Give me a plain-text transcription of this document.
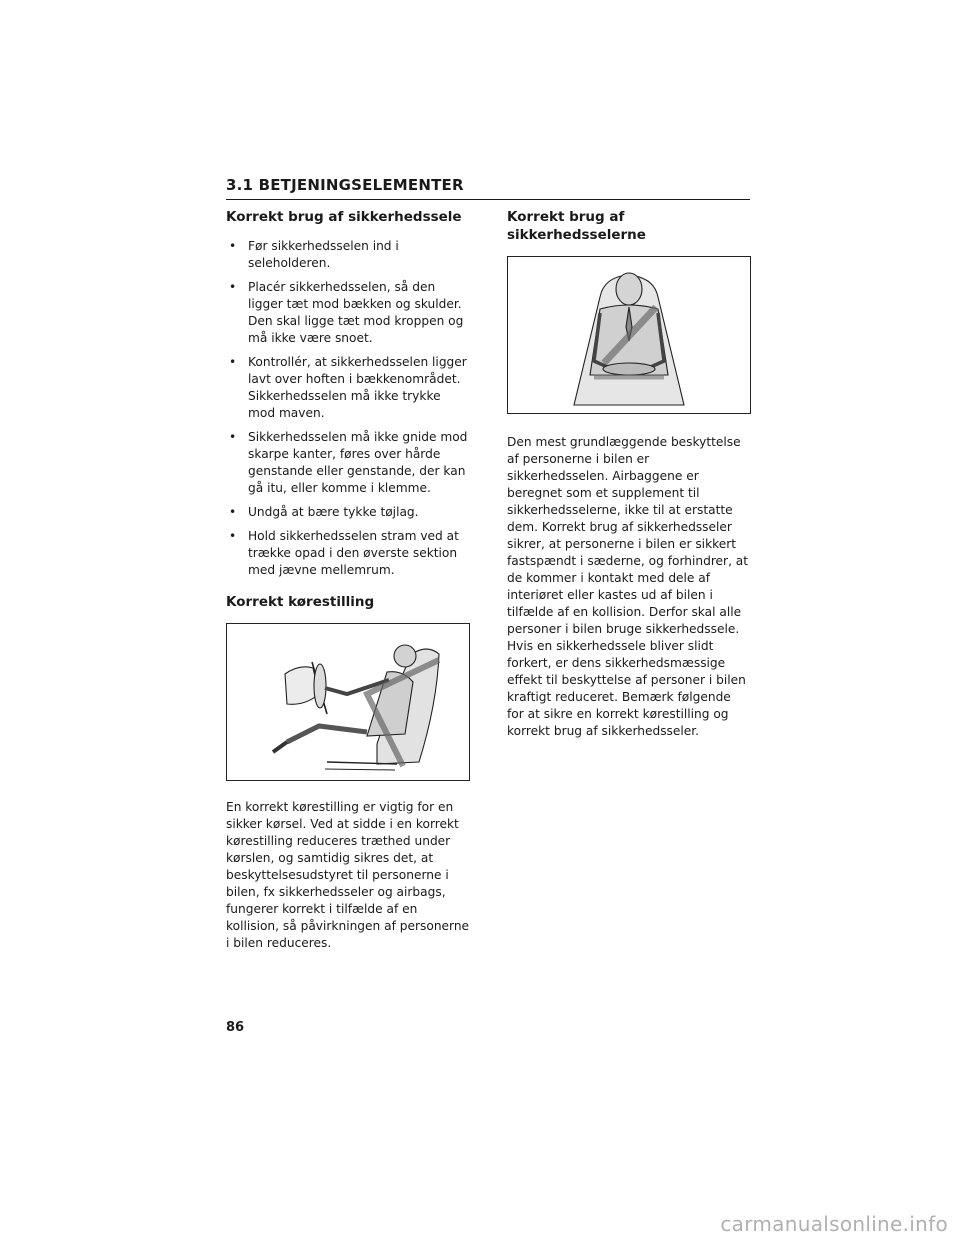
3.1 BETJENINGSELEMENTER
Korrekt brug af sikkerhedssele
• Før sikkerhedsselen ind i seleholderen.
• Placér sikkerhedsselen, så den ligger tæt mod bækken og skulder. Den skal ligge tæt mod kroppen og må ikke være snoet.
• Kontrollér, at sikkerhedsselen ligger lavt over hoften i bækkenområdet. Sikkerhedsselen må ikke trykke mod maven.
• Sikkerhedsselen må ikke gnide mod skarpe kanter, føres over hårde genstande eller genstande, der kan gå itu, eller komme i klemme.
• Undgå at bære tykke tøjlag.
• Hold sikkerhedsselen stram ved at trække opad i den øverste sektion med jævne mellemrum.
Korrekt kørestilling

En korrekt kørestilling er vigtig for en sikker kørsel. Ved at sidde i en korrekt kørestilling reduceres træthed under kørslen, og samtidig sikres det, at beskyttelsesudstyret til personerne i bilen, fx sikkerhedsseler og airbags, fungerer korrekt i tilfælde af en kollision, så påvirkningen af personerne i bilen reduceres.

Korrekt brug af sikkerhedsselerne

Den mest grundlæggende beskyttelse af personerne i bilen er sikkerhedsselen. Airbaggene er beregnet som et supplement til sikkerhedsselerne, ikke til at erstatte dem. Korrekt brug af sikkerhedsseler sikrer, at personerne i bilen er sikkert fastspændt i sæderne, og forhindrer, at de kommer i kontakt med dele af interiøret eller kastes ud af bilen i tilfælde af en kollision. Derfor skal alle personer i bilen bruge sikkerhedssele. Hvis en sikkerhedssele bliver slidt forkert, er dens sikkerhedsmæssige effekt til beskyttelse af personer i bilen kraftigt reduceret. Bemærk følgende for at sikre en korrekt kørestilling og korrekt brug af sikkerhedsseler.

86
carmanualsonline.info
